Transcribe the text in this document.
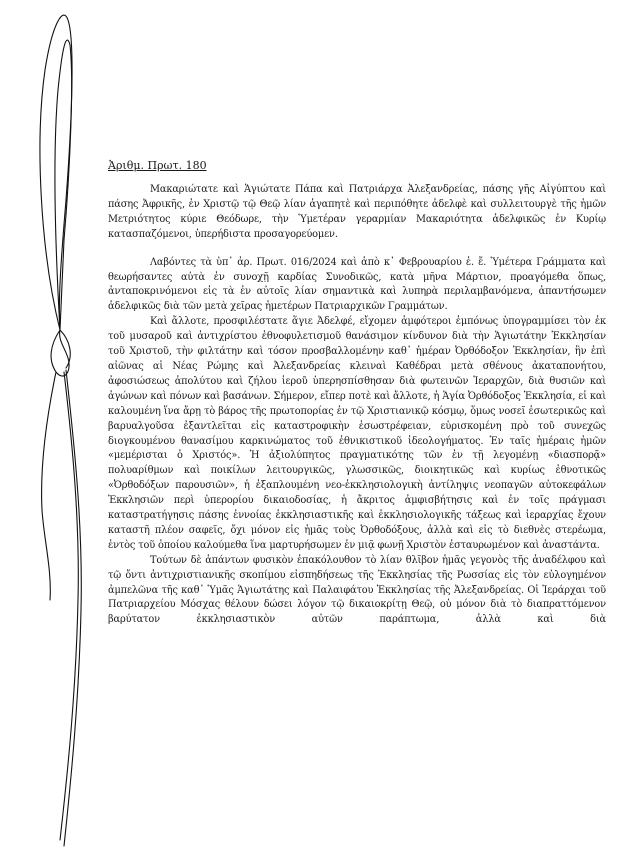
Ἀριθμ. Πρωτ. 180

Μακαριώτατε καὶ Ἁγιώτατε Πάπα καὶ Πατριάρχα Ἀλεξανδρείας, πάσης γῆς Αἰγύπτου καὶ πάσης Ἀφρικῆς, ἐν Χριστῷ τῷ Θεῷ λίαν ἀγαπητὲ καὶ περιπόθητε ἀδελφὲ καὶ συλλειτουργὲ τῆς ἡμῶν Μετριότητος κύριε Θεόδωρε, τὴν Ὑμετέραν γεραρμίαν Μακαριότητα ἀδελφικῶς ἐν Κυρίῳ κατασπαζόμενοι, ὑπερήδιστα προσαγορεύομεν.

Λαβόντες τὰ ὑπ᾽ ἀρ. Πρωτ. 016/2024 καὶ ἀπὸ κ᾽ Φεβρουαρίου ἐ. ἔ. Ὑμέτερα Γράμματα καὶ θεωρήσαντες αὐτὰ ἐν συνοχῇ καρδίας Συνοδικῶς, κατὰ μῆνα Μάρτιον, προαγόμεθα ὅπως, ἀνταποκρινόμενοι εἰς τὰ ἐν αὐτοῖς λίαν σημαντικὰ καὶ λυπηρὰ περιλαμβανόμενα, ἀπαντήσωμεν ἀδελφικῶς διὰ τῶν μετὰ χεῖρας ἡμετέρων Πατριαρχικῶν Γραμμάτων.

Καὶ ἄλλοτε, προσφιλέστατε ἅγιε Ἀδελφέ, εἴχομεν ἀμφότεροι ἐμπόνως ὑπογραμμίσει τὸν ἐκ τοῦ μυσαροῦ καὶ ἀντιχρίστου ἐθνοφυλετισμοῦ θανάσιμον κίνδυνον διὰ τὴν Ἁγιωτάτην Ἐκκλησίαν τοῦ Χριστοῦ, τὴν φιλτάτην καὶ τόσον προσβαλλομένην καθ᾽ ἡμέραν Ὀρθόδοξον Ἐκκλησίαν, ἣν ἐπὶ αἰῶνας αἱ Νέας Ρώμης καὶ Ἀλεξανδρείας κλειναὶ Καθέδραι μετὰ σθένους ἀκαταπονήτου, ἀφοσιώσεως ἀπολύτου καὶ ζήλου ἱεροῦ ὑπερησπίσθησαν διὰ φωτεινῶν Ἱεραρχῶν, διὰ θυσιῶν καὶ ἀγώνων καὶ πόνων καὶ βασάνων. Σήμερον, εἴπερ ποτὲ καὶ ἄλλοτε, ἡ Ἁγία Ὀρθόδοξος Ἐκκλησία, εἰ καὶ καλουμένη ἵνα ἄρῃ τὸ βάρος τῆς πρωτοπορίας ἐν τῷ Χριστιανικῷ κόσμῳ, ὅμως νοσεῖ ἐσωτερικῶς καὶ βαρυαλγοῦσα ἐξαντλεῖται εἰς καταστροφικὴν ἐσωστρέφειαν, εὑρισκομένη πρὸ τοῦ συνεχῶς διογκουμένου θανασίμου καρκινώματος τοῦ ἐθνικιστικοῦ ἰδεολογήματος. Ἐν ταῖς ἡμέραις ἡμῶν «μεμέρισται ὁ Χριστός». Ἡ ἀξιολύπητος πραγματικότης τῶν ἐν τῇ λεγομένῃ «διασπορᾷ» πολυαρίθμων καὶ ποικίλων λειτουργικῶς, γλωσσικῶς, διοικητικῶς καὶ κυρίως ἐθνοτικῶς «Ὀρθοδόξων παρουσιῶν», ἡ ἐξαπλουμένη νεο-ἐκκλησιολογικὴ ἀντίληψις νεοπαγῶν αὐτοκεφάλων Ἐκκλησιῶν περὶ ὑπερορίου δικαιοδοσίας, ἡ ἄκριτος ἀμφισβήτησις καὶ ἐν τοῖς πράγμασι καταστρατήγησις πάσης ἐννοίας ἐκκλησιαστικῆς καὶ ἐκκλησιολογικῆς τάξεως καὶ ἱεραρχίας ἔχουν καταστῆ πλέον σαφεῖς, ὄχι μόνον εἰς ἡμᾶς τοὺς Ὀρθοδόξους, ἀλλὰ καὶ εἰς τὸ διεθνὲς στερέωμα, ἐντὸς τοῦ ὁποίου καλούμεθα ἵνα μαρτυρήσωμεν ἐν μιᾷ φωνῇ Χριστὸν ἐσταυρωμένον καὶ ἀναστάντα.

Τούτων δὲ ἁπάντων φυσικὸν ἐπακόλουθον τὸ λίαν θλῖβον ἡμᾶς γεγονὸς τῆς ἀναδέλφου καὶ τῷ ὄντι ἀντιχριστιανικῆς σκοπίμου εἰσπηδήσεως τῆς Ἐκκλησίας τῆς Ρωσσίας εἰς τὸν εὐλογημένον ἀμπελῶνα τῆς καθ᾽ Ὑμᾶς Ἁγιωτάτης καὶ Παλαιφάτου Ἐκκλησίας τῆς Ἀλεξανδρείας. Οἱ Ἱεράρχαι τοῦ Πατριαρχείου Μόσχας θέλουν δώσει λόγον τῷ δικαιοκρίτῃ Θεῷ, οὐ μόνον διὰ τὸ διαπραττόμενον βαρύτατον ἐκκλησιαστικὸν αὐτῶν παράπτωμα, ἀλλὰ καὶ διὰ
